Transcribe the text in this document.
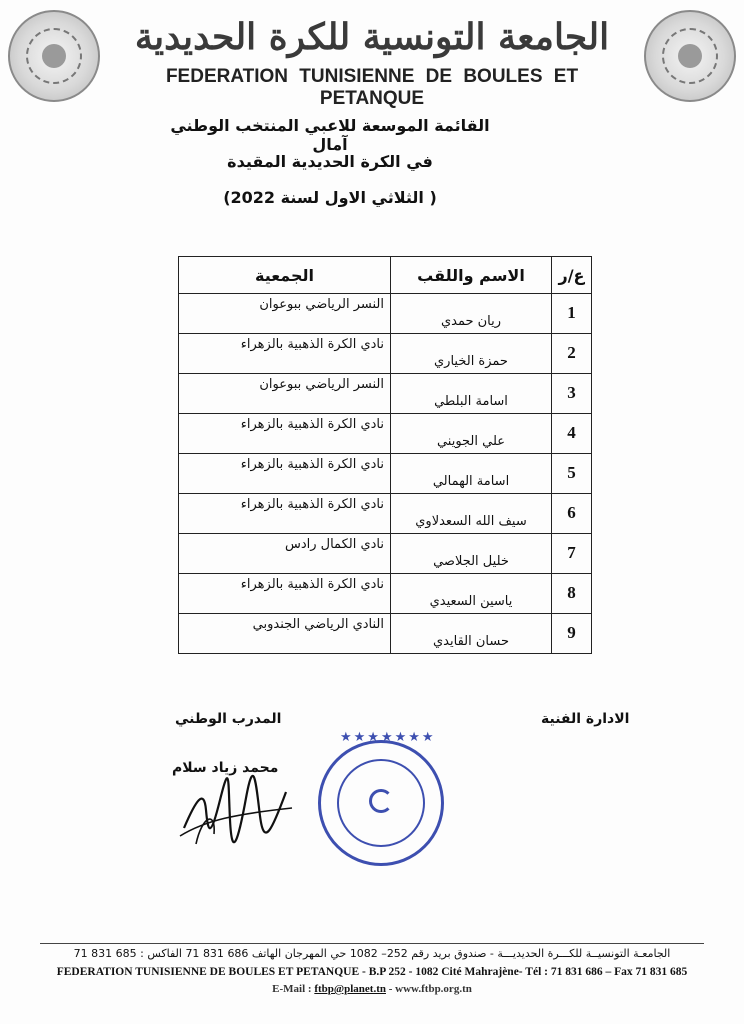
الجامعة التونسية للكرة الحديدية
FEDERATION TUNISIENNE DE BOULES ET PETANQUE
القائمة الموسعة للاعبي المنتخب الوطني آمال
في الكرة الحديدية المقيدة
( الثلاثي الاول لسنة 2022)
ع/ر	الاسم واللقب	الجمعية
1	ريان حمدي	النسر الرياضي ببوعوان
2	حمزة الخياري	نادي الكرة الذهبية بالزهراء
3	اسامة البلطي	النسر الرياضي ببوعوان
4	علي الجويني	نادي الكرة الذهبية بالزهراء
5	اسامة الهمالي	نادي الكرة الذهبية بالزهراء
6	سيف الله السعدلاوي	نادي الكرة الذهبية بالزهراء
7	خليل الجلاصي	نادي الكمال رادس
8	ياسين السعيدي	نادي الكرة الذهبية بالزهراء
9	حسان القايدي	النادي الرياضي الجندوبي
الادارة الفنية
المدرب الوطني
محمد زياد سلام
★★★★★★★
الجامعـة التونسيــة للكـــرة الحديديـــة - صندوق بريد رقم 252– 1082 حي المهرجان الهاتف 686 831 71 الفاكس : 685 831 71
FEDERATION TUNISIENNE DE BOULES ET PETANQUE - B.P 252 - 1082 Cité Mahrajène- Tél : 71 831 686 – Fax 71 831 685
E-Mail : ftbp@planet.tn - www.ftbp.org.tn
